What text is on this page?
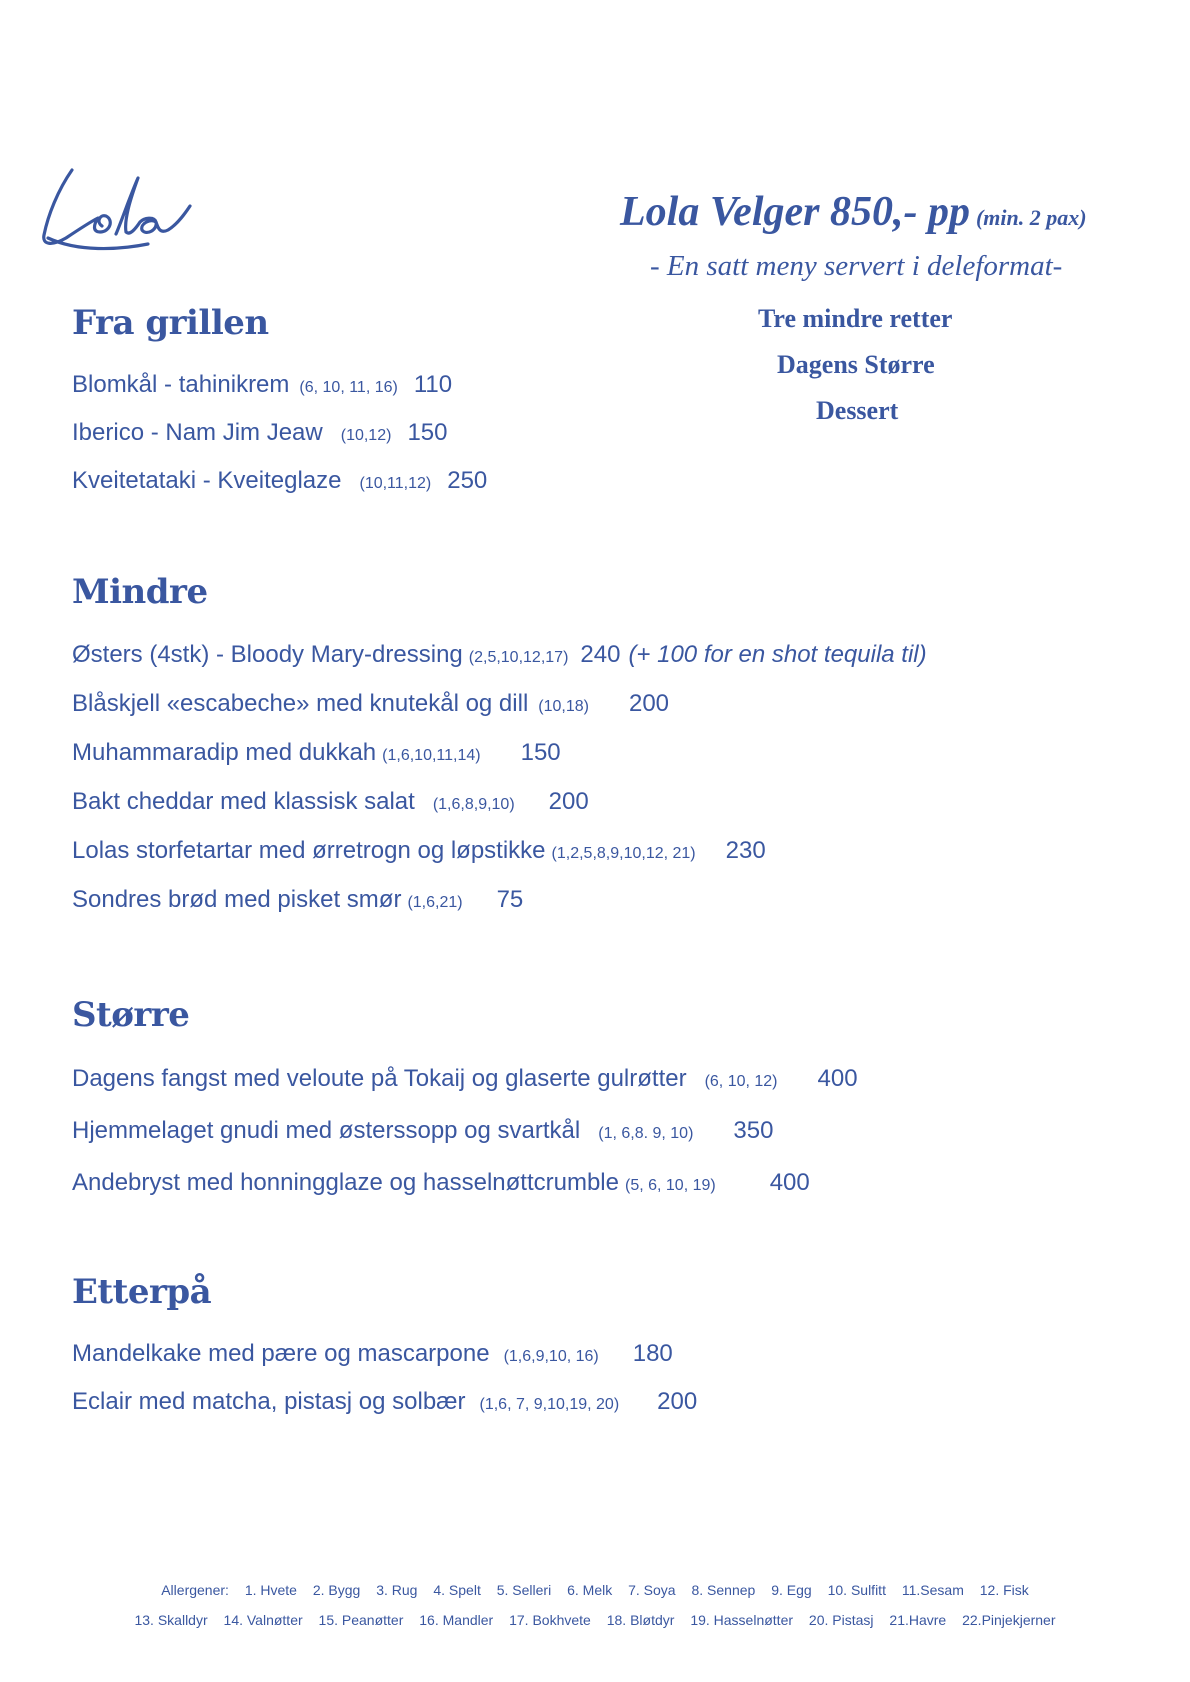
Lola Velger 850,- pp (min. 2 pax)
- En satt meny servert i deleformat-
Tre mindre retter
Dagens Større
Dessert
Fra grillen
Blomkål - tahinikrem (6, 10, 11, 16) 110
Iberico - Nam Jim Jeaw (10,12) 150
Kveitetataki - Kveiteglaze (10,11,12) 250
Mindre
Østers (4stk) - Bloody Mary-dressing (2,5,10,12,17) 240 (+ 100 for en shot tequila til)
Blåskjell «escabeche» med knutekål og dill (10,18) 200
Muhammaradip med dukkah (1,6,10,11,14) 150
Bakt cheddar med klassisk salat (1,6,8,9,10) 200
Lolas storfetartar med ørretrogn og løpstikke (1,2,5,8,9,10,12, 21) 230
Sondres brød med pisket smør (1,6,21) 75
Større
Dagens fangst med veloute på Tokaij og glaserte gulrøtter (6, 10, 12) 400
Hjemmelaget gnudi med østerssopp og svartkål (1, 6,8. 9, 10) 350
Andebryst med honningglaze og hasselnøttcrumble (5, 6, 10, 19) 400
Etterpå
Mandelkake med pære og mascarpone (1,6,9,10, 16) 180
Eclair med matcha, pistasj og solbær (1,6, 7, 9,10,19, 20) 200
Allergener: 1. Hvete 2. Bygg 3. Rug 4. Spelt 5. Selleri 6. Melk 7. Soya 8. Sennep 9. Egg 10. Sulfitt 11.Sesam 12. Fisk
13. Skalldyr 14. Valnøtter 15. Peanøtter 16. Mandler 17. Bokhvete 18. Bløtdyr 19. Hasselnøtter 20. Pistasj 21.Havre 22.Pinjekjerner
